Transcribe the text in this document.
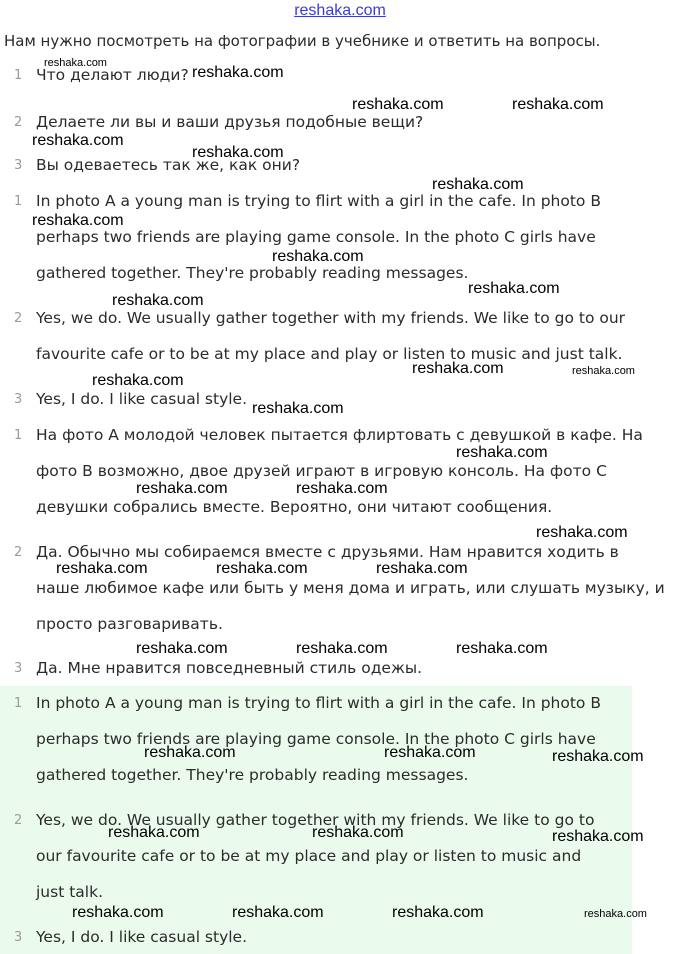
reshaka.com
Нам нужно посмотреть на фотографии в учебнике и ответить на вопросы.
1 Что делают люди?
2 Делаете ли вы и ваши друзья подобные вещи?
3 Вы одеваетесь так же, как они?
1 In photo A a young man is trying to flirt with a girl in the cafe. In photo B
perhaps two friends are playing game console. In the photo C girls have
gathered together. They're probably reading messages.
2 Yes, we do. We usually gather together with my friends. We like to go to our
favourite cafe or to be at my place and play or listen to music and just talk.
3 Yes, I do. I like casual style.
1 На фото А молодой человек пытается флиртовать с девушкой в кафе. На
фото В возможно, двое друзей играют в игровую консоль. На фото С
девушки собрались вместе. Вероятно, они читают сообщения.
2 Да. Обычно мы собираемся вместе с друзьями. Нам нравится ходить в
наше любимое кафе или быть у меня дома и играть, или слушать музыку, и
просто разговаривать.
3 Да. Мне нравится повседневный стиль одежы.
1 In photo A a young man is trying to flirt with a girl in the cafe. In photo B
perhaps two friends are playing game console. In the photo C girls have
gathered together. They're probably reading messages.
2 Yes, we do. We usually gather together with my friends. We like to go to
our favourite cafe or to be at my place and play or listen to music and
just talk.
3 Yes, I do. I like casual style.
reshaka.com
reshaka.com
reshaka.com	reshaka.com
reshaka.com
reshaka.com
reshaka.com
reshaka.com
reshaka.com
reshaka.com
reshaka.com
reshaka.com	reshaka.com
reshaka.com
reshaka.com
reshaka.com
reshaka.com	reshaka.com
reshaka.com
reshaka.com	reshaka.com	reshaka.com
reshaka.com	reshaka.com	reshaka.com
reshaka.com	reshaka.com	reshaka.com
reshaka.com	reshaka.com	reshaka.com
reshaka.com	reshaka.com	reshaka.com	reshaka.com
